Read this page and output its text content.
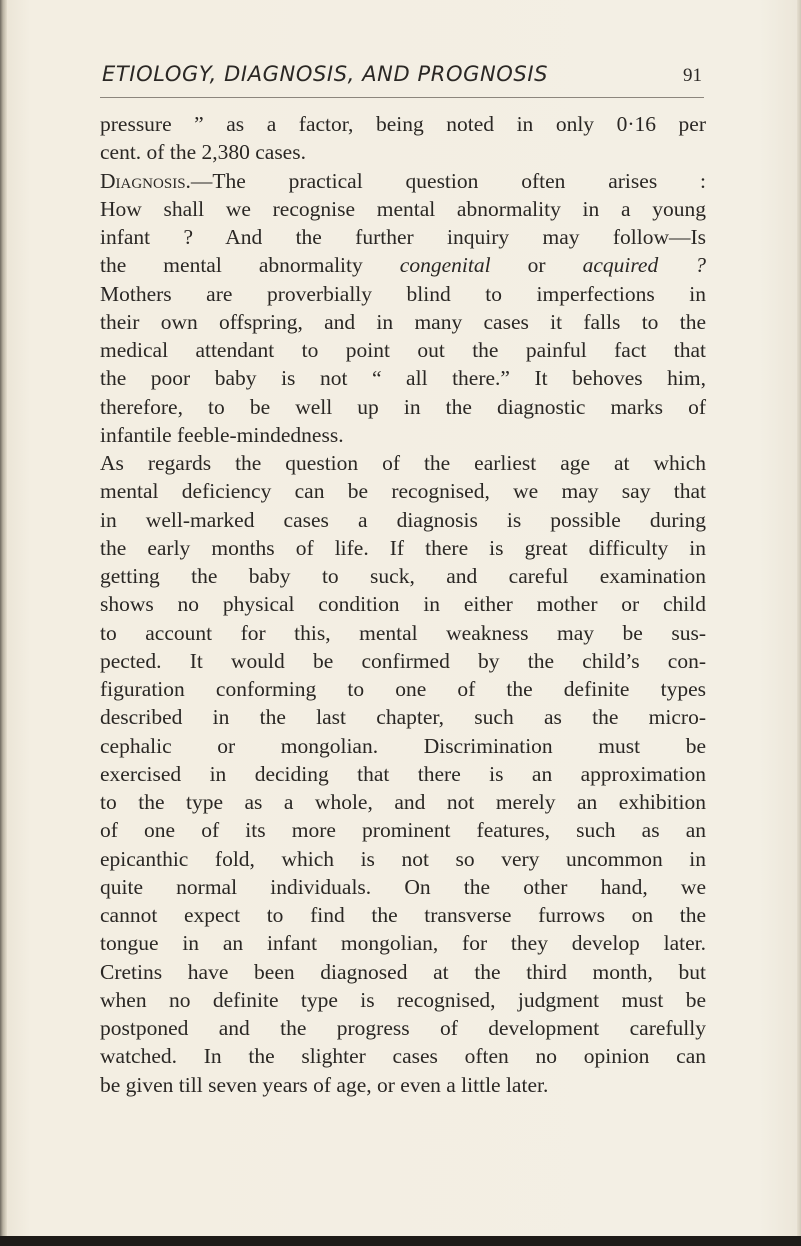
ETIOLOGY, DIAGNOSIS, AND PROGNOSIS	91
pressure ” as a factor, being noted in only 0·16 per
cent. of the 2,380 cases.
Diagnosis.—The practical question often arises :
How shall we recognise mental abnormality in a young
infant ? And the further inquiry may follow—Is
the mental abnormality congenital or acquired ?
Mothers are proverbially blind to imperfections in
their own offspring, and in many cases it falls to the
medical attendant to point out the painful fact that
the poor baby is not “ all there.” It behoves him,
therefore, to be well up in the diagnostic marks of
infantile feeble-mindedness.
As regards the question of the earliest age at which
mental deficiency can be recognised, we may say that
in well-marked cases a diagnosis is possible during
the early months of life. If there is great difficulty in
getting the baby to suck, and careful examination
shows no physical condition in either mother or child
to account for this, mental weakness may be sus-
pected. It would be confirmed by the child’s con-
figuration conforming to one of the definite types
described in the last chapter, such as the micro-
cephalic or mongolian. Discrimination must be
exercised in deciding that there is an approximation
to the type as a whole, and not merely an exhibition
of one of its more prominent features, such as an
epicanthic fold, which is not so very uncommon in
quite normal individuals. On the other hand, we
cannot expect to find the transverse furrows on the
tongue in an infant mongolian, for they develop later.
Cretins have been diagnosed at the third month, but
when no definite type is recognised, judgment must be
postponed and the progress of development carefully
watched. In the slighter cases often no opinion can
be given till seven years of age, or even a little later.
